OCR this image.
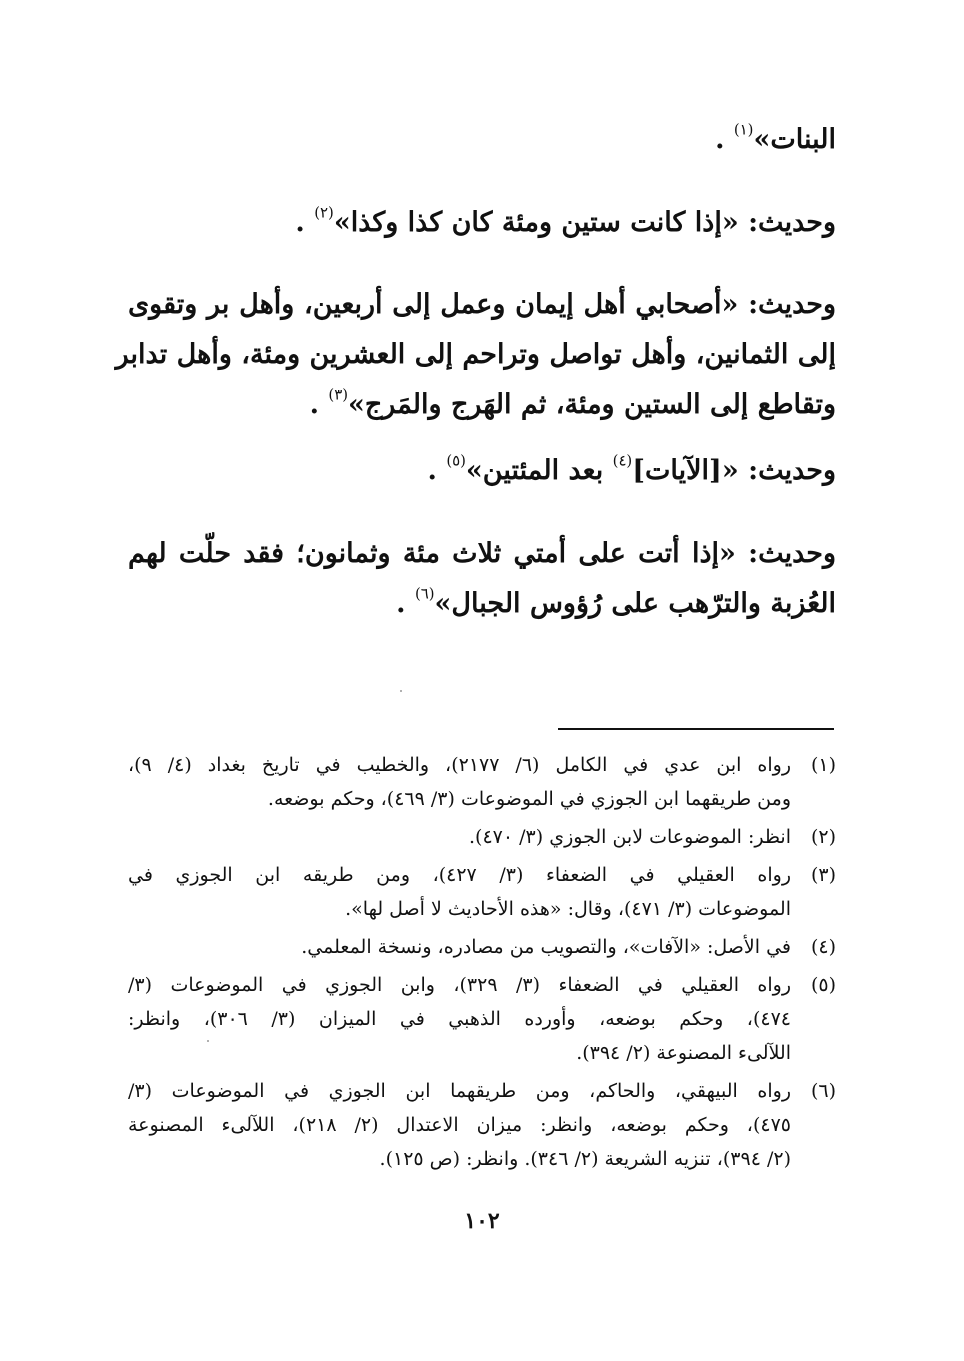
البنات»$^{(١)}$ .
وحديث: «إذا كانت ستين ومئة كان كذا وكذا»$^{(٢)}$ .
وحديث: «أصحابي أهل إيمان وعمل إلى أربعين، وأهل بر وتقوى
إلى الثمانين، وأهل تواصل وتراحم إلى العشرين ومئة، وأهل تدابر
وتقاطع إلى الستين ومئة، ثم الهَرج والمَرج»$^{(٣)}$ .
وحديث: «[الآيات]$^{(٤)}$ بعد المئتين»$^{(٥)}$ .
وحديث: «إذا أتت على أمتي ثلاث مئة وثمانون؛ فقد حلّت لهم
العُزبة والترّهب على رُؤوس الجبال»$^{(٦)}$ .
(١)
رواه ابن عدي في الكامل (٦/ ٢١٧٧)، والخطيب في تاريخ بغداد (٤/ ٩)،
ومن طريقهما ابن الجوزي في الموضوعات (٣/ ٤٦٩)، وحكم بوضعه.
(٢)
انظر: الموضوعات لابن الجوزي (٣/ ٤٧٠).
(٣)
رواه العقيلي في الضعفاء (٣/ ٤٢٧)، ومن طريقه ابن الجوزي في
الموضوعات (٣/ ٤٧١)، وقال: «هذه الأحاديث لا أصل لها».
(٤)
في الأصل: «الآفات»، والتصويب من مصادره، ونسخة المعلمي.
(٥)
رواه العقيلي في الضعفاء (٣/ ٣٢٩)، وابن الجوزي في الموضوعات (٣/
٤٧٤)، وحكم بوضعه، وأورده الذهبي في الميزان (٣/ ٣٠٦)، وانظر:
اللآلىء المصنوعة (٢/ ٣٩٤).
(٦)
رواه البيهقي، والحاكم، ومن طريقهما ابن الجوزي في الموضوعات (٣/
٤٧٥)، وحكم بوضعه، وانظر: ميزان الاعتدال (٢/ ٢١٨)، اللآلىء المصنوعة
(٢/ ٣٩٤)، تنزيه الشريعة (٢/ ٣٤٦). وانظر: (ص ١٢٥).
١٠٢
